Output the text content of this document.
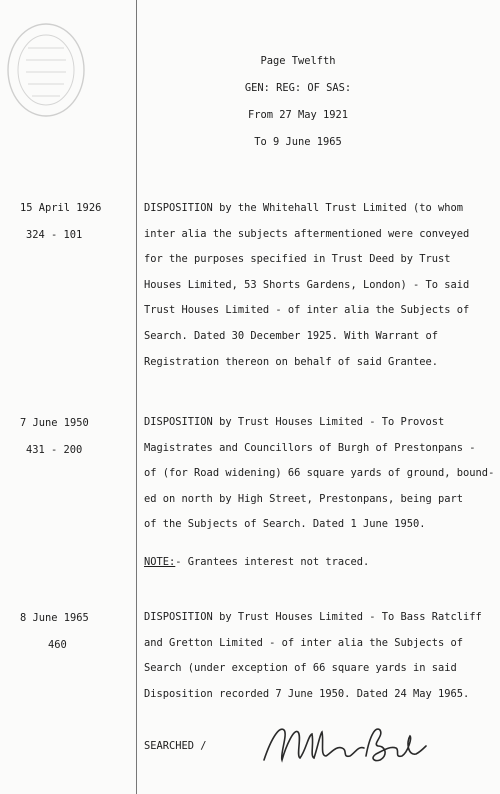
Page Twelfth
GEN: REG: OF SAS:
From 27 May 1921
To 9 June 1965
15 April 1926
324 - 101
DISPOSITION by the Whitehall Trust Limited (to whom
inter alia the subjects aftermentioned were conveyed
for the purposes specified in Trust Deed by Trust
Houses Limited, 53 Shorts Gardens, London) - To said
Trust Houses Limited - of inter alia the Subjects of
Search. Dated 30 December 1925. With Warrant of
Registration thereon on behalf of said Grantee.
7 June 1950
431 - 200
DISPOSITION by Trust Houses Limited - To Provost
Magistrates and Councillors of Burgh of Prestonpans -
of (for Road widening) 66 square yards of ground, bound-
ed on north by High Street, Prestonpans, being part
of the Subjects of Search. Dated 1 June 1950.
NOTE:- Grantees interest not traced.
8 June 1965
460
DISPOSITION by Trust Houses Limited - To Bass Ratcliff
and Gretton Limited - of inter alia the Subjects of
Search (under exception of 66 square yards in said
Disposition recorded 7 June 1950. Dated 24 May 1965.
SEARCHED /
